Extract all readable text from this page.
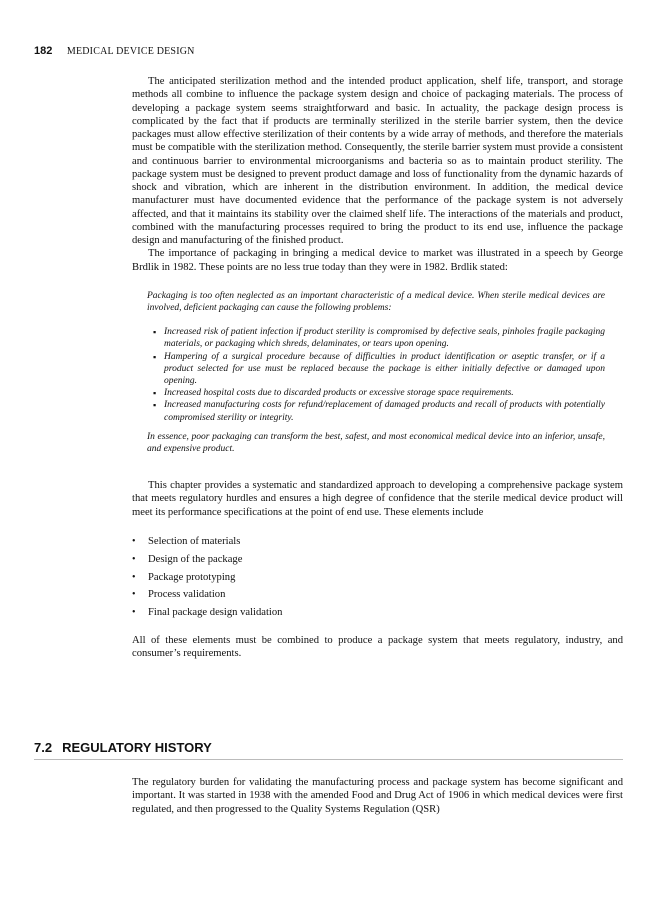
182 MEDICAL DEVICE DESIGN

The anticipated sterilization method and the intended product application, shelf life, transport, and storage methods all combine to influence the package system design and choice of packaging materials. The process of developing a package system seems straightforward and basic. In actuality, the package design process is complicated by the fact that if products are terminally sterilized in the sterile barrier system, then the device packages must allow effective sterilization of their contents by a wide array of methods, and therefore the materials must be compatible with the sterilization method. Consequently, the sterile barrier system must provide a consistent and continuous barrier to environmental microorganisms and bacteria so as to maintain product sterility. The package system must be designed to prevent product damage and loss of functionality from the dynamic hazards of shock and vibration, which are inherent in the distribution environment. In addition, the medical device manufacturer must have documented evidence that the performance of the package system is not adversely affected, and that it maintains its stability over the claimed shelf life. The interactions of the materials and product, combined with the manufacturing processes required to bring the product to its end use, influence the package design and manufacturing of the finished product.

The importance of packaging in bringing a medical device to market was illustrated in a speech by George Brdlik in 1982. These points are no less true today than they were in 1982. Brdlik stated:

Packaging is too often neglected as an important characteristic of a medical device. When sterile medical devices are involved, deficient packaging can cause the following problems:

▪ Increased risk of patient infection if product sterility is compromised by defective seals, pinholes fragile packaging materials, or packaging which shreds, delaminates, or tears upon opening.
▪ Hampering of a surgical procedure because of difficulties in product identification or aseptic transfer, or if a product selected for use must be replaced because the package is either initially defective or damaged upon opening.
▪ Increased hospital costs due to discarded products or excessive storage space requirements.
▪ Increased manufacturing costs for refund/replacement of damaged products and recall of products with potentially compromised sterility or integrity.

In essence, poor packaging can transform the best, safest, and most economical medical device into an inferior, unsafe, and expensive product.

This chapter provides a systematic and standardized approach to developing a comprehensive package system that meets regulatory hurdles and ensures a high degree of confidence that the sterile medical device product will meet its performance specifications at the point of end use. These elements include

• Selection of materials
• Design of the package
• Package prototyping
• Process validation
• Final package design validation

All of these elements must be combined to produce a package system that meets regulatory, industry, and consumer’s requirements.

7.2 REGULATORY HISTORY

The regulatory burden for validating the manufacturing process and package system has become significant and important. It was started in 1938 with the amended Food and Drug Act of 1906 in which medical devices were first regulated, and then progressed to the Quality Systems Regulation (QSR)
